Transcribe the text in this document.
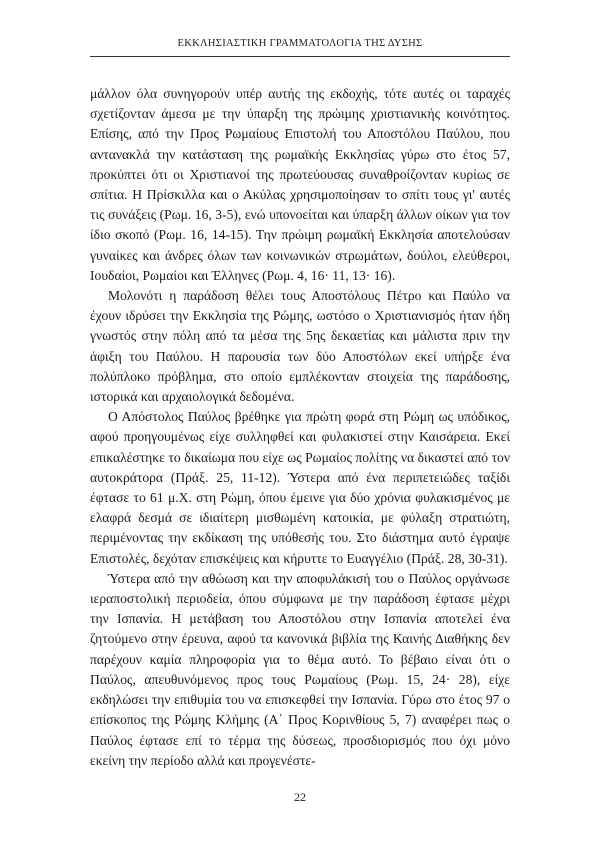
ΕΚΚΛΗΣΙΑΣΤΙΚΗ ΓΡΑΜΜΑΤΟΛΟΓΙΑ ΤΗΣ ΔΥΣΗΣ

μάλλον όλα συνηγορούν υπέρ αυτής της εκδοχής, τότε αυτές οι ταραχές σχετίζονταν άμεσα με την ύπαρξη της πρώιμης χριστιανικής κοινότητος. Επίσης, από την Προς Ρωμαίους Επιστολή του Αποστόλου Παύλου, που αντανακλά την κατάσταση της ρωμαϊκής Εκκλησίας γύρω στο έτος 57, προκύπτει ότι οι Χριστιανοί της πρωτεύουσας συναθροίζονταν κυρίως σε σπίτια. Η Πρίσκιλλα και ο Ακύλας χρησιμοποίησαν το σπίτι τους γι' αυτές τις συνάξεις (Ρωμ. 16, 3-5), ενώ υπονοείται και ύπαρξη άλλων οίκων για τον ίδιο σκοπό (Ρωμ. 16, 14-15). Την πρώιμη ρωμαϊκή Εκκλησία αποτελούσαν γυναίκες και άνδρες όλων των κοινωνικών στρωμάτων, δούλοι, ελεύθεροι, Ιουδαίοι, Ρωμαίοι και Έλληνες (Ρωμ. 4, 16· 11, 13· 16).

Μολονότι η παράδοση θέλει τους Αποστόλους Πέτρο και Παύλο να έχουν ιδρύσει την Εκκλησία της Ρώμης, ωστόσο ο Χριστιανισμός ήταν ήδη γνωστός στην πόλη από τα μέσα της 5ης δεκαετίας και μάλιστα πριν την άφιξη του Παύλου. Η παρουσία των δύο Αποστόλων εκεί υπήρξε ένα πολύπλοκο πρόβλημα, στο οποίο εμπλέκονταν στοιχεία της παράδοσης, ιστορικά και αρχαιολογικά δεδομένα.

Ο Απόστολος Παύλος βρέθηκε για πρώτη φορά στη Ρώμη ως υπόδικος, αφού προηγουμένως είχε συλληφθεί και φυλακιστεί στην Καισάρεια. Εκεί επικαλέστηκε το δικαίωμα που είχε ως Ρωμαίος πολίτης να δικαστεί από τον αυτοκράτορα (Πράξ. 25, 11-12). Ύστερα από ένα περιπετειώδες ταξίδι έφτασε το 61 μ.Χ. στη Ρώμη, όπου έμεινε για δύο χρόνια φυλακισμένος με ελαφρά δεσμά σε ιδιαίτερη μισθωμένη κατοικία, με φύλαξη στρατιώτη, περιμένοντας την εκδίκαση της υπόθεσής του. Στο διάστημα αυτό έγραψε Επιστολές, δεχόταν επισκέψεις και κήρυττε το Ευαγγέλιο (Πράξ. 28, 30-31).

Ύστερα από την αθώωση και την αποφυλάκισή του ο Παύλος οργάνωσε ιεραποστολική περιοδεία, όπου σύμφωνα με την παράδοση έφτασε μέχρι την Ισπανία. Η μετάβαση του Αποστόλου στην Ισπανία αποτελεί ένα ζητούμενο στην έρευνα, αφού τα κανονικά βιβλία της Καινής Διαθήκης δεν παρέχουν καμία πληροφορία για το θέμα αυτό. Το βέβαιο είναι ότι ο Παύλος, απευθυνόμενος προς τους Ρωμαίους (Ρωμ. 15, 24· 28), είχε εκδηλώσει την επιθυμία του να επισκεφθεί την Ισπανία. Γύρω στο έτος 97 ο επίσκοπος της Ρώμης Κλήμης (Α΄ Προς Κορινθίους 5, 7) αναφέρει πως ο Παύλος έφτασε επί το τέρμα της δύσεως, προσδιορισμός που όχι μόνο εκείνη την περίοδο αλλά και προγενέστε-

22
